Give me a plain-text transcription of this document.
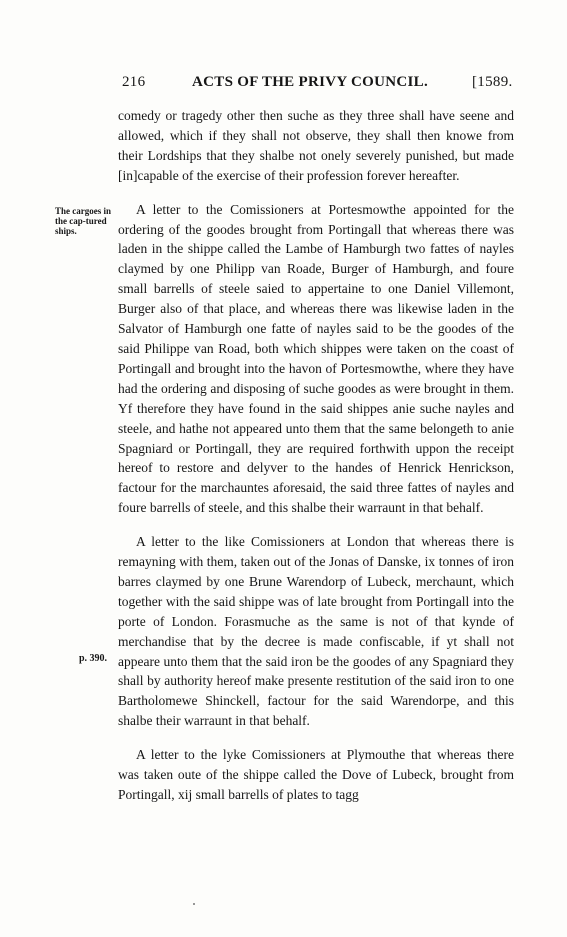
216	ACTS OF THE PRIVY COUNCIL.	[1589.
The cargoes in the cap-tured ships.
p. 390.

comedy or tragedy other then suche as they three shall have seene and allowed, which if they shall not observe, they shall then knowe from their Lordships that they shalbe not onely severely punished, but made [in]capable of the exercise of their profession forever hereafter.

A letter to the Comissioners at Portesmowthe appointed for the ordering of the goodes brought from Portingall that whereas there was laden in the shippe called the Lambe of Hamburgh two fattes of nayles claymed by one Philipp van Roade, Burger of Hamburgh, and foure small barrells of steele saied to appertaine to one Daniel Villemont, Burger also of that place, and whereas there was likewise laden in the Salvator of Hamburgh one fatte of nayles said to be the goodes of the said Philippe van Road, both which shippes were taken on the coast of Portingall and brought into the havon of Portesmowthe, where they have had the ordering and disposing of suche goodes as were brought in them. Yf therefore they have found in the said shippes anie suche nayles and steele, and hathe not appeared unto them that the same belongeth to anie Spagniard or Portingall, they are required forthwith uppon the receipt hereof to restore and delyver to the handes of Henrick Henrickson, factour for the marchauntes aforesaid, the said three fattes of nayles and foure barrells of steele, and this shalbe their warraunt in that behalf.

A letter to the like Comissioners at London that whereas there is remayning with them, taken out of the Jonas of Danske, ix tonnes of iron barres claymed by one Brune Warendorp of Lubeck, merchaunt, which together with the said shippe was of late brought from Portingall into the porte of London. Forasmuche as the same is not of that kynde of merchandise that by the decree is made confiscable, if yt shall not appeare unto them that the said iron be the goodes of any Spagniard they shall by authority hereof make presente restitution of the said iron to one Bartholomewe Shinckell, factour for the said Warendorpe, and this shalbe their warraunt in that behalf.

A letter to the lyke Comissioners at Plymouthe that whereas there was taken oute of the shippe called the Dove of Lubeck, brought from Portingall, xij small barrells of plates to tagg
